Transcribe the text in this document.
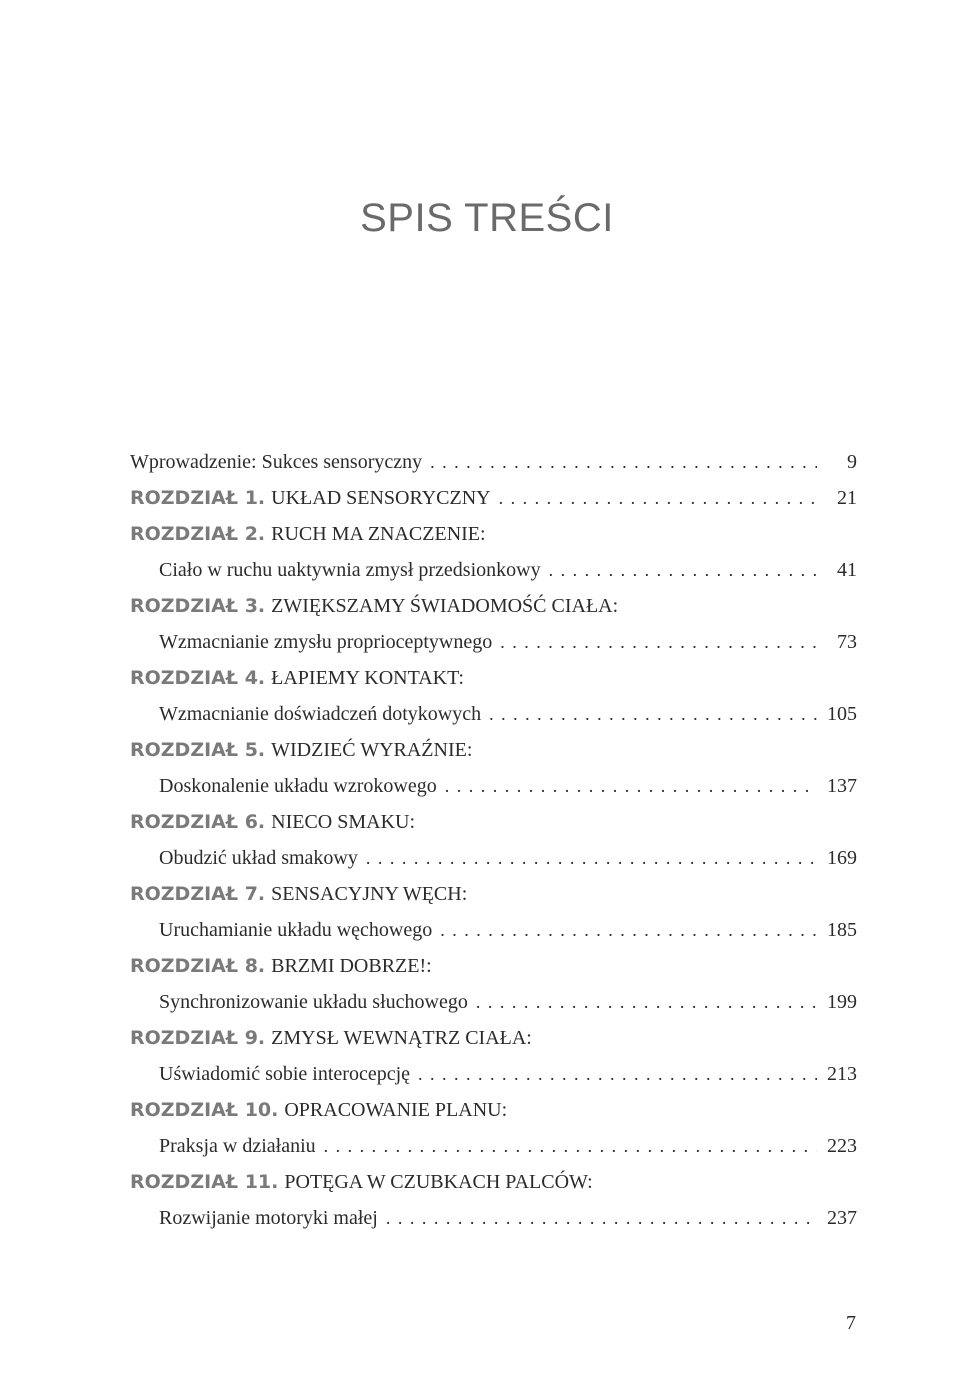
SPIS TREŚCI
Wprowadzenie: Sukces sensoryczny . . .	9
ROZDZIAŁ 1. UKŁAD SENSORYCZNY . . .	21
ROZDZIAŁ 2. RUCH MA ZNACZENIE:
Ciało w ruchu uaktywnia zmysł przedsionkowy . . .	41
ROZDZIAŁ 3. ZWIĘKSZAMY ŚWIADOMOŚĆ CIAŁA:
Wzmacnianie zmysłu proprioceptywnego . . .	73
ROZDZIAŁ 4. ŁAPIEMY KONTAKT:
Wzmacnianie doświadczeń dotykowych . . .	105
ROZDZIAŁ 5. WIDZIEĆ WYRAŹNIE:
Doskonalenie układu wzrokowego . . .	137
ROZDZIAŁ 6. NIECO SMAKU:
Obudzić układ smakowy . . .	169
ROZDZIAŁ 7. SENSACYJNY WĘCH:
Uruchamianie układu węchowego . . .	185
ROZDZIAŁ 8. BRZMI DOBRZE!:
Synchronizowanie układu słuchowego . . .	199
ROZDZIAŁ 9. ZMYSŁ WEWNĄTRZ CIAŁA:
Uświadomić sobie interocepcję . . .	213
ROZDZIAŁ 10. OPRACOWANIE PLANU:
Praksja w działaniu . . .	223
ROZDZIAŁ 11. POTĘGA W CZUBKACH PALCÓW:
Rozwijanie motoryki małej . . .	237
7
